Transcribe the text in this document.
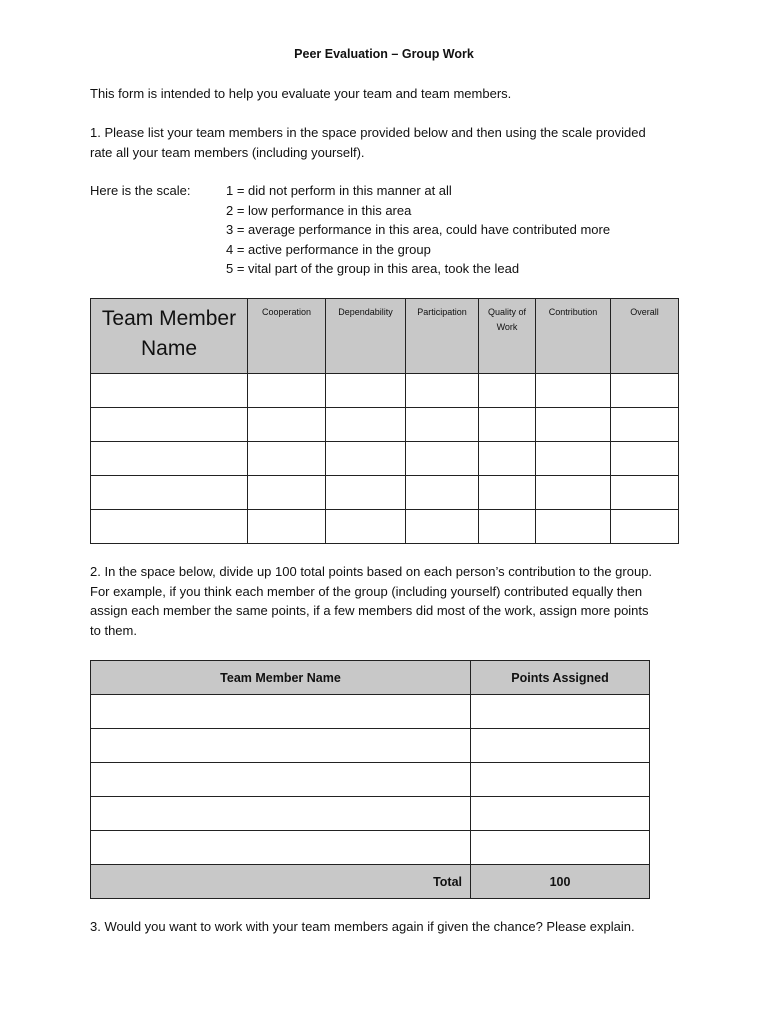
Peer Evaluation – Group Work
This form is intended to help you evaluate your team and team members.
1. Please list your team members in the space provided below and then using the scale provided rate all your team members (including yourself).
Here is the scale:	1 = did not perform in this manner at all
2 = low performance in this area
3 = average performance in this area, could have contributed more
4 = active performance in the group
5 = vital part of the group in this area, took the lead
Team Member Name	Cooperation	Dependability	Participation	Quality of Work	Contribution	Overall

2. In the space below, divide up 100 total points based on each person’s contribution to the group. For example, if you think each member of the group (including yourself) contributed equally then assign each member the same points, if a few members did most of the work, assign more points to them.
Team Member Name	Points Assigned

Total	100
3. Would you want to work with your team members again if given the chance? Please explain.
